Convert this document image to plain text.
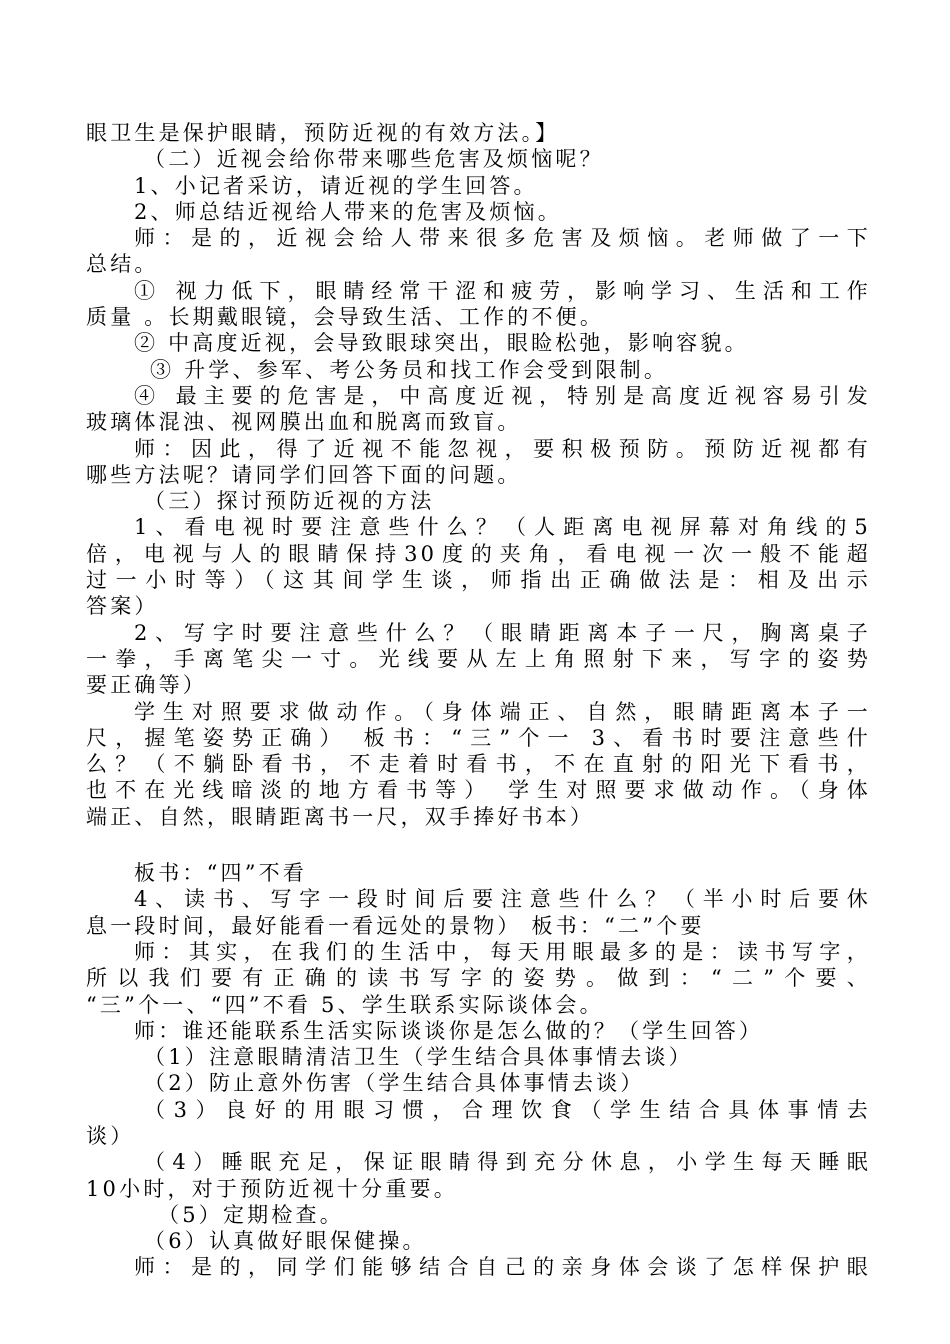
眼卫生是保护眼睛，预防近视的有效方法。】
（二）近视会给你带来哪些危害及烦恼呢？
1、小记者采访，请近视的学生回答。
2、师总结近视给人带来的危害及烦恼。
师：是的，近视会给人带来很多危害及烦恼。老师做了一下
总结。
① 视力低下，眼睛经常干涩和疲劳，影响学习、生活和工作
质量 。长期戴眼镜，会导致生活、工作的不便。
② 中高度近视，会导致眼球突出，眼睑松弛，影响容貌。
③ 升学、参军、考公务员和找工作会受到限制。
④ 最主要的危害是，中高度近视，特别是高度近视容易引发
玻璃体混浊、视网膜出血和脱离而致盲。
师：因此，得了近视不能忽视，要积极预防。预防近视都有
哪些方法呢？请同学们回答下面的问题。
（三）探讨预防近视的方法
1、看电视时要注意些什么？（人距离电视屏幕对角线的5
倍，电视与人的眼睛保持30度的夹角，看电视一次一般不能超
过一小时等）（这其间学生谈，师指出正确做法是：相及出示
答案）
2、写字时要注意些什么？（眼睛距离本子一尺，胸离桌子
一拳，手离笔尖一寸。光线要从左上角照射下来，写字的姿势
要正确等）
学生对照要求做动作。（身体端正、自然，眼睛距离本子一
尺，握笔姿势正确） 板书：“三”个一 3、看书时要注意些什
么？（不躺卧看书，不走着时看书，不在直射的阳光下看书，
也不在光线暗淡的地方看书等） 学生对照要求做动作。（身体
端正、自然，眼睛距离书一尺，双手捧好书本）
板书：“四”不看
4、读书、写字一段时间后要注意些什么？（半小时后要休
息一段时间，最好能看一看远处的景物） 板书：“二”个要
师：其实，在我们的生活中，每天用眼最多的是：读书写字，
所以我们要有正确的读书写字的姿势。做到：“二”个要、
“三”个一、“四”不看 5、学生联系实际谈体会。
师：谁还能联系生活实际谈谈你是怎么做的？（学生回答）
（1）注意眼睛清洁卫生（学生结合具体事情去谈）
（2）防止意外伤害（学生结合具体事情去谈）
（3）良好的用眼习惯，合理饮食（学生结合具体事情去
谈）
（4）睡眠充足，保证眼睛得到充分休息，小学生每天睡眠
10小时，对于预防近视十分重要。
（5）定期检查。
（6）认真做好眼保健操。
师：是的，同学们能够结合自己的亲身体会谈了怎样保护眼
